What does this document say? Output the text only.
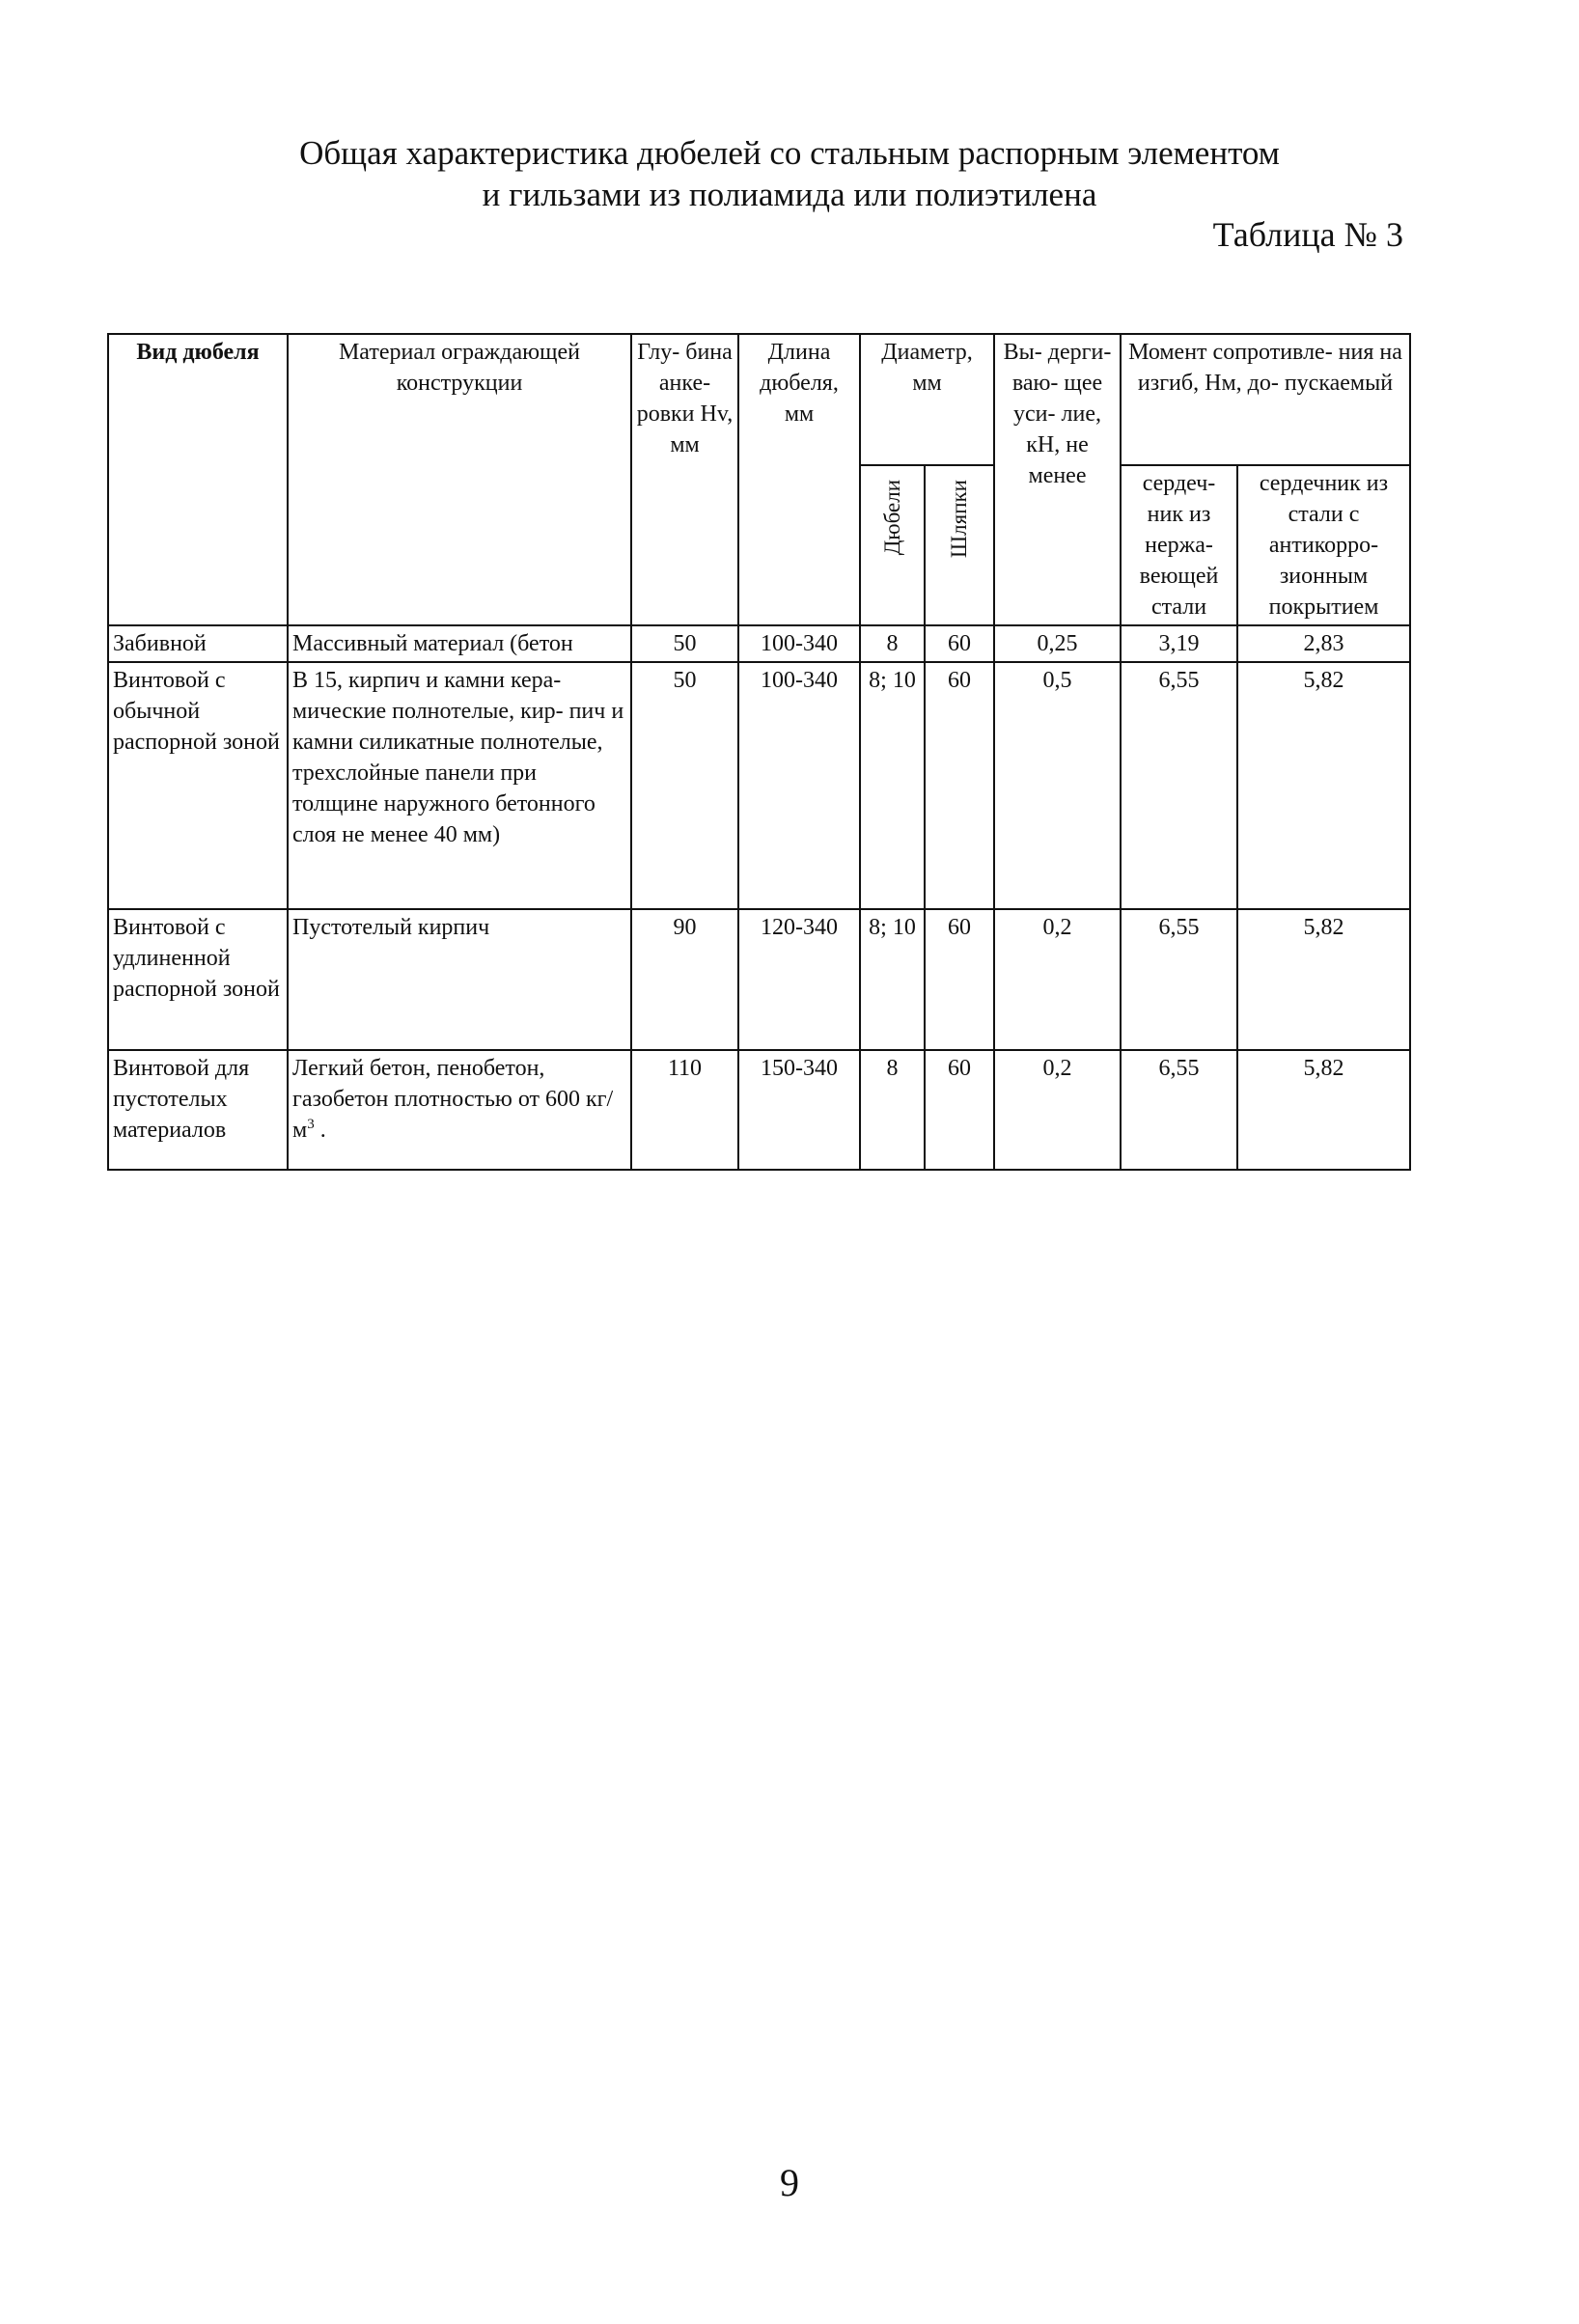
Общая характеристика дюбелей со стальным распорным элементом
и гильзами из полиамида или полиэтилена
Таблица № 3
Вид дюбеля	Материал ограждающей конструкции	Глу- бина анке- ровки Hv, мм	Длина дюбеля, мм	Диаметр, мм		Вы- дерги- ваю- щее уси- лие, кН, не менее	Момент сопротивле- ния на изгиб, Нм, до- пускаемый	
				Дюбели	Шляпки		сердеч- ник из нержа- веющей стали	сердечник из стали с антикорро- зионным покрытием
Забивной	Массивный материал (бетон	50	100-340	8	60	0,25	3,19	2,83
Винтовой с обычной распорной зоной	В 15, кирпич и камни кера- мические полнотелые, кир- пич и камни силикатные полнотелые, трехслойные панели при толщине наружного бетонного слоя не менее 40 мм)	50	100-340	8; 10	60	0,5	6,55	5,82
Винтовой с удлиненной распорной зоной	Пустотелый кирпич	90	120-340	8; 10	60	0,2	6,55	5,82
Винтовой для пустотелых материалов	Легкий бетон, пенобетон, газобетон плотностью от 600 $кг/м^3$ .	110	150-340	8	60	0,2	6,55	5,82
9
